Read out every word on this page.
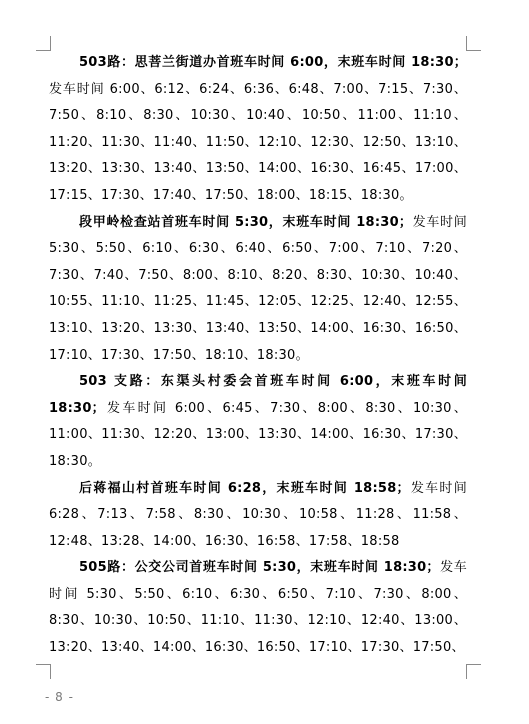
503路：思菩兰街道办首班车时间 6:00，末班车时间 18:30；发车时间 6:00、6:12、6:24、6:36、6:48、7:00、7:15、7:30、7:50、8:10、8:30、10:30、10:40、10:50、11:00、11:10、11:20、11:30、11:40、11:50、12:10、12:30、12:50、13:10、13:20、13:30、13:40、13:50、14:00、16:30、16:45、17:00、17:15、17:30、17:40、17:50、18:00、18:15、18:30。

段甲岭检查站首班车时间 5:30，末班车时间 18:30；发车时间 5:30、5:50、6:10、6:30、6:40、6:50、7:00、7:10、7:20、7:30、7:40、7:50、8:00、8:10、8:20、8:30、10:30、10:40、10:55、11:10、11:25、11:45、12:05、12:25、12:40、12:55、13:10、13:20、13:30、13:40、13:50、14:00、16:30、16:50、17:10、17:30、17:50、18:10、18:30。

503 支路：东渠头村委会首班车时间 6:00，末班车时间 18:30；发车时间 6:00、6:45、7:30、8:00、8:30、10:30、11:00、11:30、12:20、13:00、13:30、14:00、16:30、17:30、18:30。

后蒋福山村首班车时间 6:28，末班车时间 18:58；发车时间 6:28、7:13、7:58、8:30、10:30、10:58、11:28、11:58、12:48、13:28、14:00、16:30、16:58、17:58、18:58

505路：公交公司首班车时间 5:30，末班车时间 18:30；发车时间 5:30、5:50、6:10、6:30、6:50、7:10、7:30、8:00、8:30、10:30、10:50、11:10、11:30、12:10、12:40、13:00、13:20、13:40、14:00、16:30、16:50、17:10、17:30、17:50、

- 8 -
